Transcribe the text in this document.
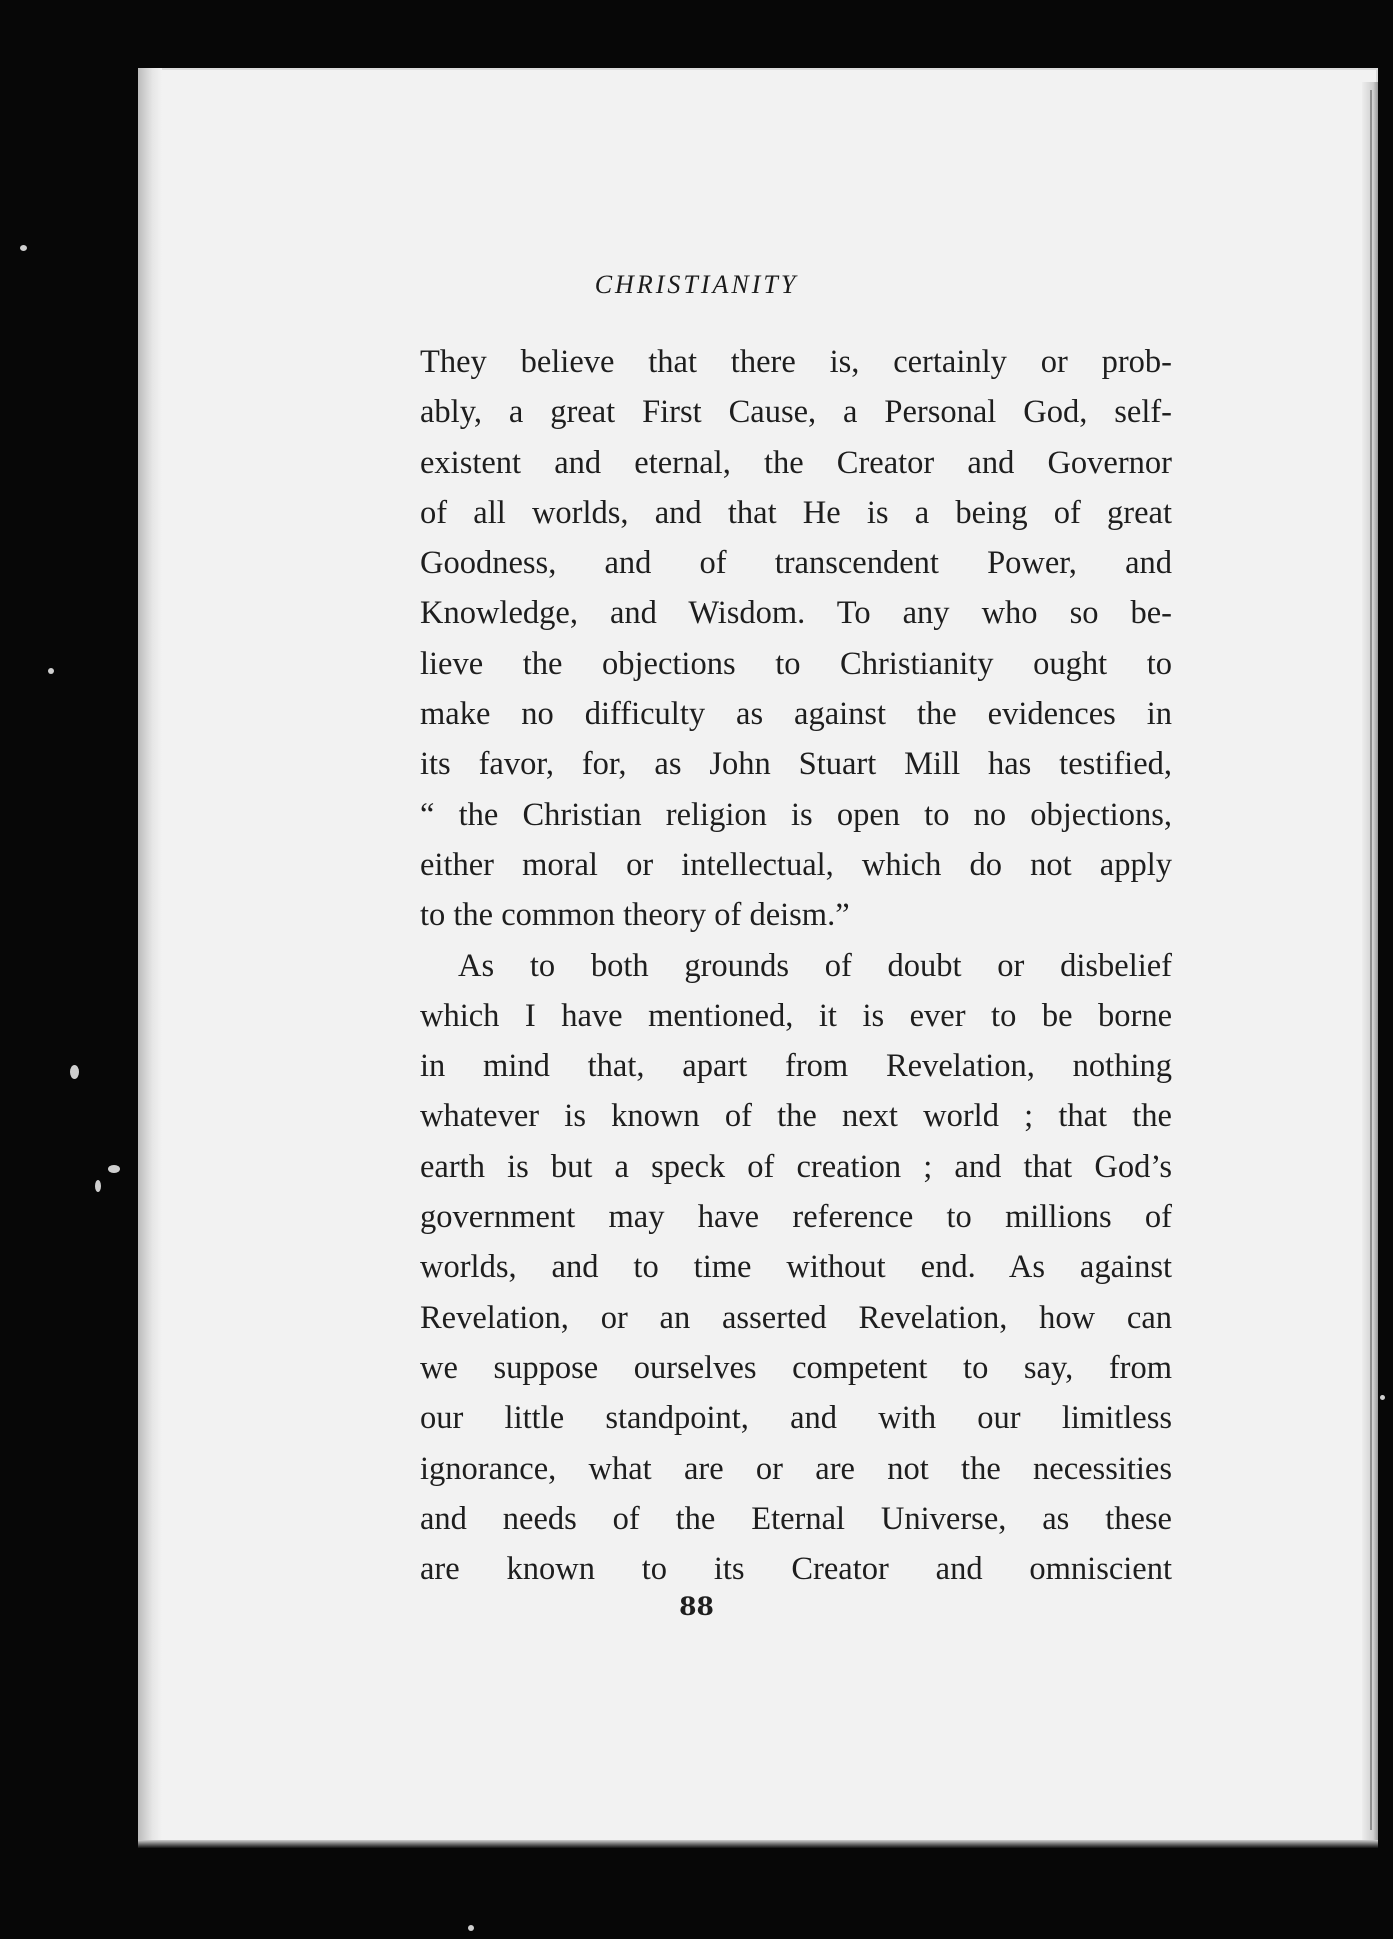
CHRISTIANITY

They believe that there is, certainly or prob-
ably, a great First Cause, a Personal God, self-
existent and eternal, the Creator and Governor
of all worlds, and that He is a being of great
Goodness, and of transcendent Power, and
Knowledge, and Wisdom. To any who so be-
lieve the objections to Christianity ought to
make no difficulty as against the evidences in
its favor, for, as John Stuart Mill has testified,
“ the Christian religion is open to no objections,
either moral or intellectual, which do not apply
to the common theory of deism.”
As to both grounds of doubt or disbelief
which I have mentioned, it is ever to be borne
in mind that, apart from Revelation, nothing
whatever is known of the next world ; that the
earth is but a speck of creation ; and that God’s
government may have reference to millions of
worlds, and to time without end. As against
Revelation, or an asserted Revelation, how can
we suppose ourselves competent to say, from
our little standpoint, and with our limitless
ignorance, what are or are not the necessities
and needs of the Eternal Universe, as these
are known to its Creator and omniscient

88
